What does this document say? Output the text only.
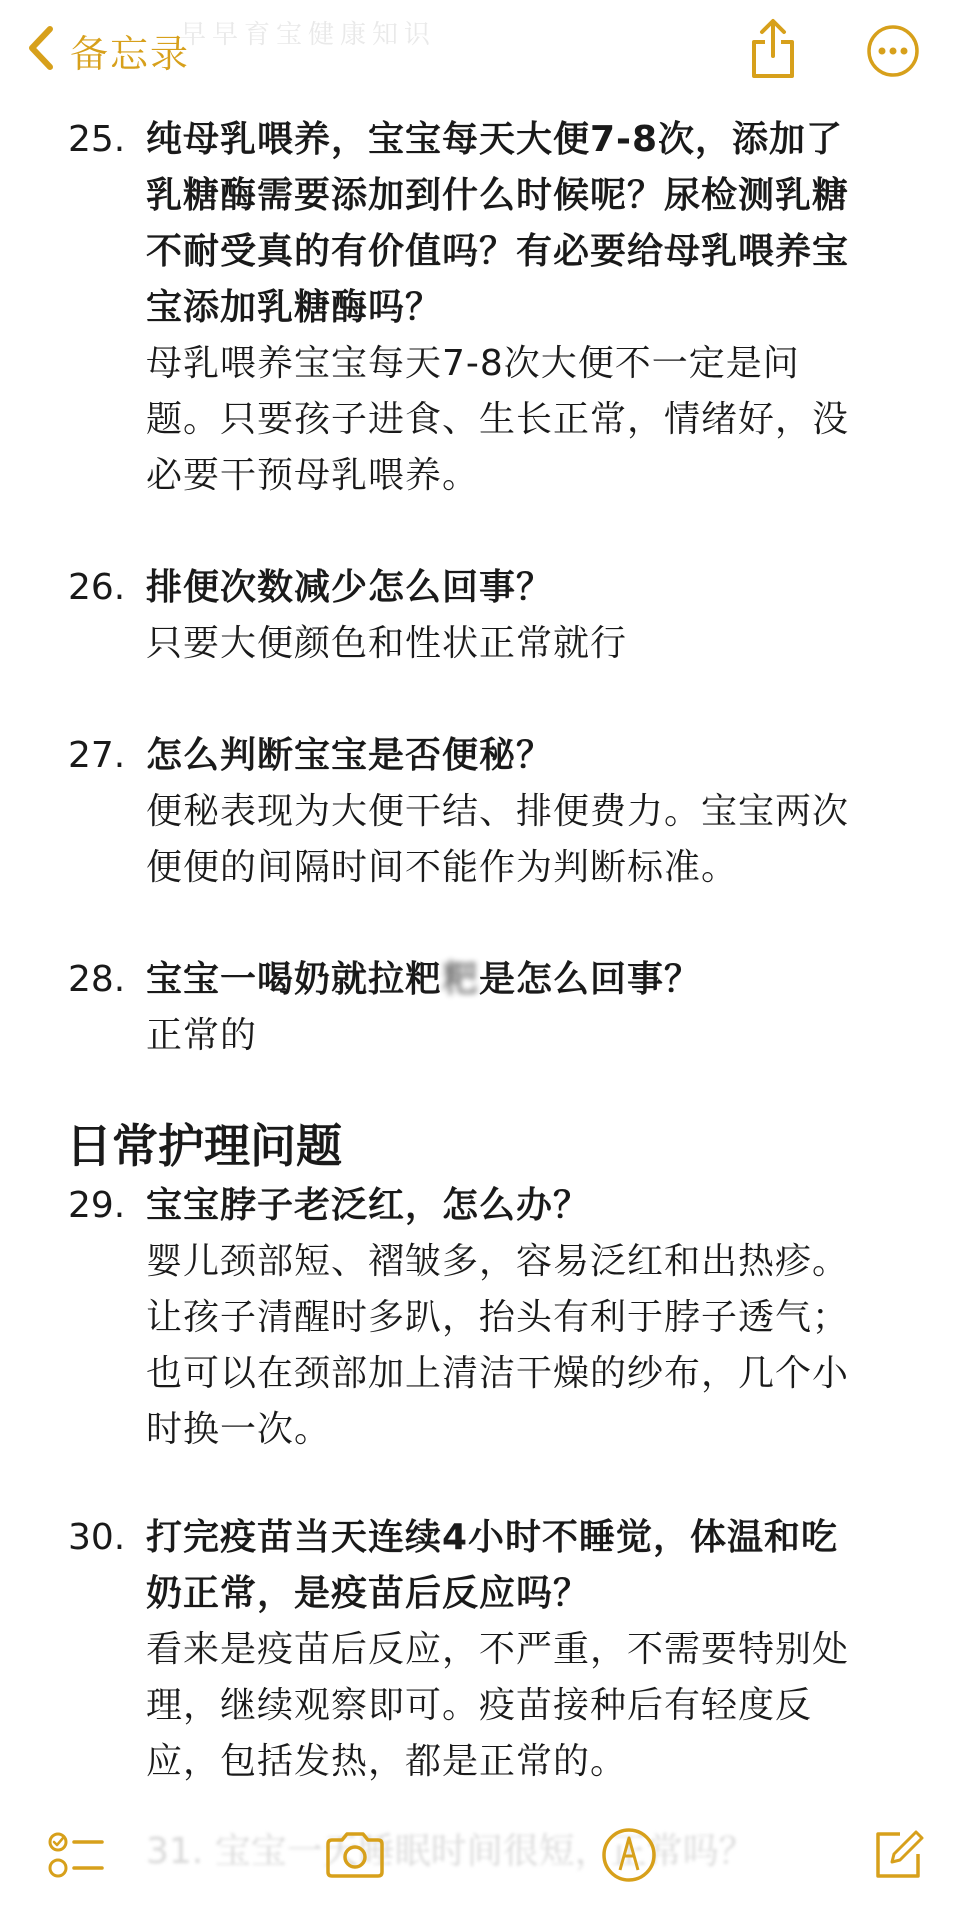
备忘录
早早育宝健康知识
25. 纯母乳喂养，宝宝每天大便7-8次，添加了
乳糖酶需要添加到什么时候呢？尿检测乳糖
不耐受真的有价值吗？有必要给母乳喂养宝
宝添加乳糖酶吗？
母乳喂养宝宝每天7-8次大便不一定是问
题。只要孩子进食、生长正常，情绪好，没
必要干预母乳喂养。
26. 排便次数减少怎么回事？
只要大便颜色和性状正常就行
27. 怎么判断宝宝是否便秘？
便秘表现为大便干结、排便费力。宝宝两次
便便的间隔时间不能作为判断标准。
28. 宝宝一喝奶就拉粑粑是怎么回事？
正常的
日常护理问题
29. 宝宝脖子老泛红，怎么办？
婴儿颈部短、褶皱多，容易泛红和出热疹。
让孩子清醒时多趴，抬头有利于脖子透气；
也可以在颈部加上清洁干燥的纱布，几个小
时换一次。
30. 打完疫苗当天连续4小时不睡觉，体温和吃
奶正常，是疫苗后反应吗？
看来是疫苗后反应，不严重，不需要特别处
理，继续观察即可。疫苗接种后有轻度反
应，包括发热，都是正常的。
31. 宝宝一天睡眠时间很短，正常吗？
